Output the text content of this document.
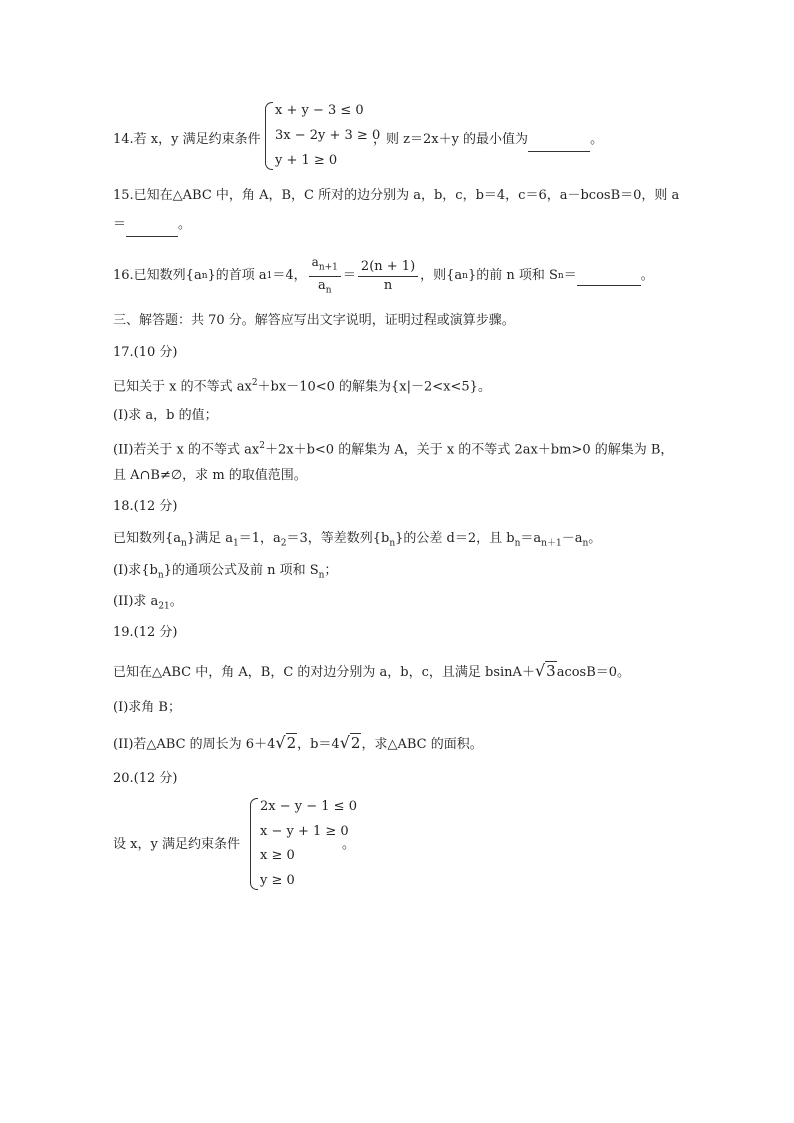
14.若 x，y 满足约束条件
x + y − 3 ≤ 0
3x − 2y + 3 ≥ 0
y + 1 ≥ 0
，则 z＝2x＋y 的最小值为	。
15.已知在△ABC 中，角 A，B，C 所对的边分别为 a，b，c，b＝4，c＝6，a－bcosB＝0，则 a
＝	。
16.已知数列{a n }的首项 a 1 ＝4， $\frac{a_{n+1}}{a_n} = \frac{2(n + 1)}{n}$ ，则{a n }的前 n 项和 S n ＝
	。
三、解答题：共 70 分。解答应写出文字说明，证明过程或演算步骤。
17.(10 分)
已知关于 x 的不等式 $ax^2+bx-10<0$ 的解集为{x|－2<x<5}。
(I)求 a，b 的值；
(II)若关于 x 的不等式 $ax^2+2x+b<0$ 的解集为 A，关于 x 的不等式 2ax＋bm>0 的解集为 B，
且 A∩B≠∅，求 m 的取值范围。
18.(12 分)
已知数列$\{a_n\}$满足 $a_1=1$，$a_2=3$，等差数列$\{b_n\}$的公差 d＝2，且 $b_n=a_{n+1}-a_n$。
(I)求$\{b_n\}$的通项公式及前 n 项和 $S_n$；
(II)求 $a_{21}$。
19.(12 分)
已知在△ABC 中，角 A，B，C 的对边分别为 a，b，c，且满足 bsinA＋√3acosB＝0。
(I)求角 B；
(II)若△ABC 的周长为 6＋4√2，b＝4√2，求△ABC 的面积。
20.(12 分)
设 x，y 满足约束条件
2x − y − 1 ≤ 0
x − y + 1 ≥ 0
x ≥ 0
y ≥ 0
。
